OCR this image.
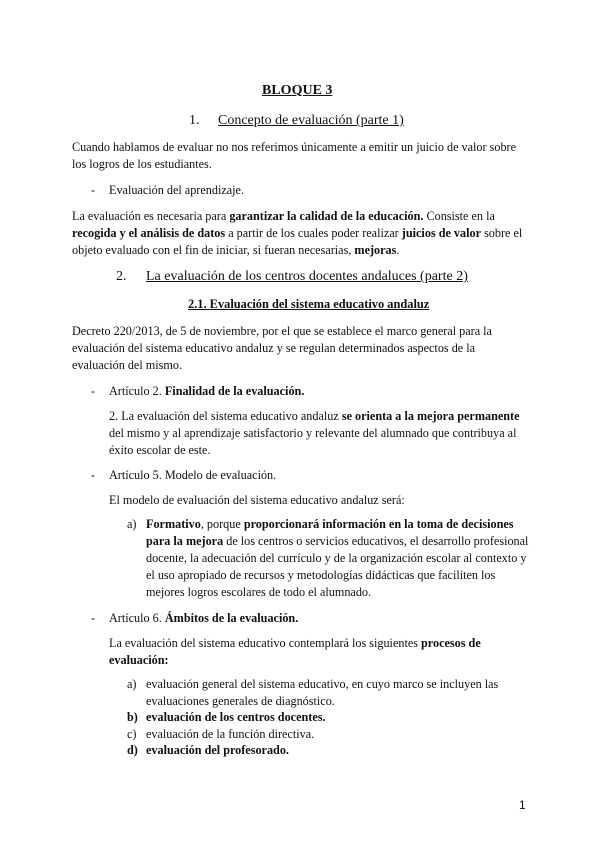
BLOQUE 3
1. Concepto de evaluación (parte 1)
Cuando hablamos de evaluar no nos referimos únicamente a emitir un juicio de valor sobre
los logros de los estudiantes.
- Evaluación del aprendizaje.
La evaluación es necesaria para garantizar la calidad de la educación. Consiste en la
recogida y el análisis de datos a partir de los cuales poder realizar juicios de valor sobre el
objeto evaluado con el fin de iniciar, si fueran necesarias, mejoras.
2. La evaluación de los centros docentes andaluces (parte 2)
2.1. Evaluación del sistema educativo andaluz
Decreto 220/2013, de 5 de noviembre, por el que se establece el marco general para la
evaluación del sistema educativo andaluz y se regulan determinados aspectos de la
evaluación del mismo.
- Artículo 2. Finalidad de la evaluación.
2. La evaluación del sistema educativo andaluz se orienta a la mejora permanente
del mismo y al aprendizaje satisfactorio y relevante del alumnado que contribuya al
éxito escolar de este.
- Artículo 5. Modelo de evaluación.
El modelo de evaluación del sistema educativo andaluz será:
a) Formativo, porque proporcionará información en la toma de decisiones
para la mejora de los centros o servicios educativos, el desarrollo profesional
docente, la adecuación del currículo y de la organización escolar al contexto y
el uso apropiado de recursos y metodologías didácticas que faciliten los
mejores logros escolares de todo el alumnado.
- Artículo 6. Ámbitos de la evaluación.
La evaluación del sistema educativo contemplará los siguientes procesos de
evaluación:
a) evaluación general del sistema educativo, en cuyo marco se incluyen las
evaluaciones generales de diagnóstico.
b) evaluación de los centros docentes.
c) evaluación de la función directiva.
d) evaluación del profesorado.
1
